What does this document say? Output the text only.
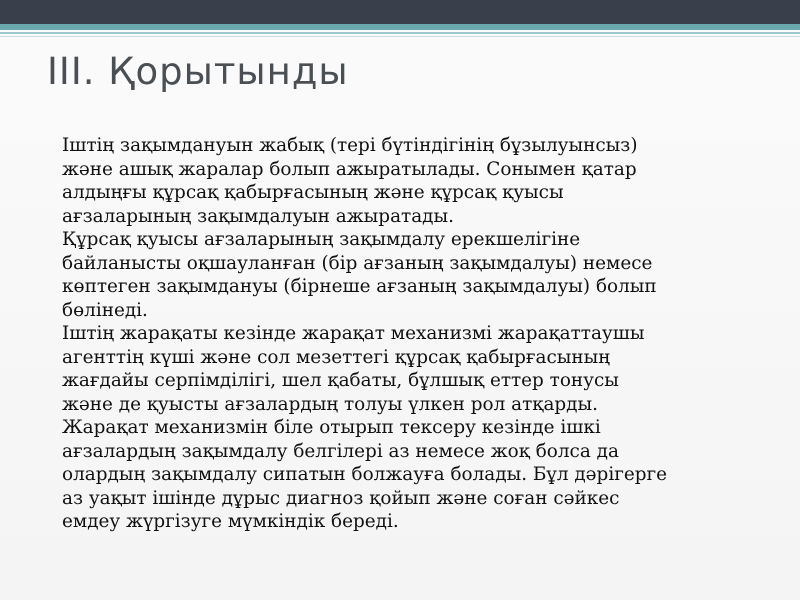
III. Қорытынды
Іштің зақымдануын жабық (тері бүтіндігінің бұзылуынсыз)
және ашық жаралар болып ажыратылады. Сонымен қатар
алдыңғы құрсақ қабырғасының және құрсақ қуысы
ағзаларының зақымдалуын ажыратады.
Құрсақ қуысы ағзаларының зақымдалу ерекшелігіне
байланысты оқшауланған (бір ағзаның зақымдалуы) немесе
көптеген зақымдануы (бірнеше ағзаның зақымдалуы) болып
бөлінеді.
Іштің жарақаты кезінде жарақат механизмі жарақаттаушы
агенттің күші және сол мезеттегі құрсақ қабырғасының
жағдайы серпімділігі, шел қабаты, бұлшық еттер тонусы
және де қуысты ағзалардың толуы үлкен рол атқарды.
Жарақат механизмін біле отырып тексеру кезінде ішкі
ағзалардың зақымдалу белгілері аз немесе жоқ болса да
олардың зақымдалу сипатын болжауға болады. Бұл дәрігерге
аз уақыт ішінде дұрыс диагноз қойып және соған сәйкес
емдеу жүргізуге мүмкіндік береді.
